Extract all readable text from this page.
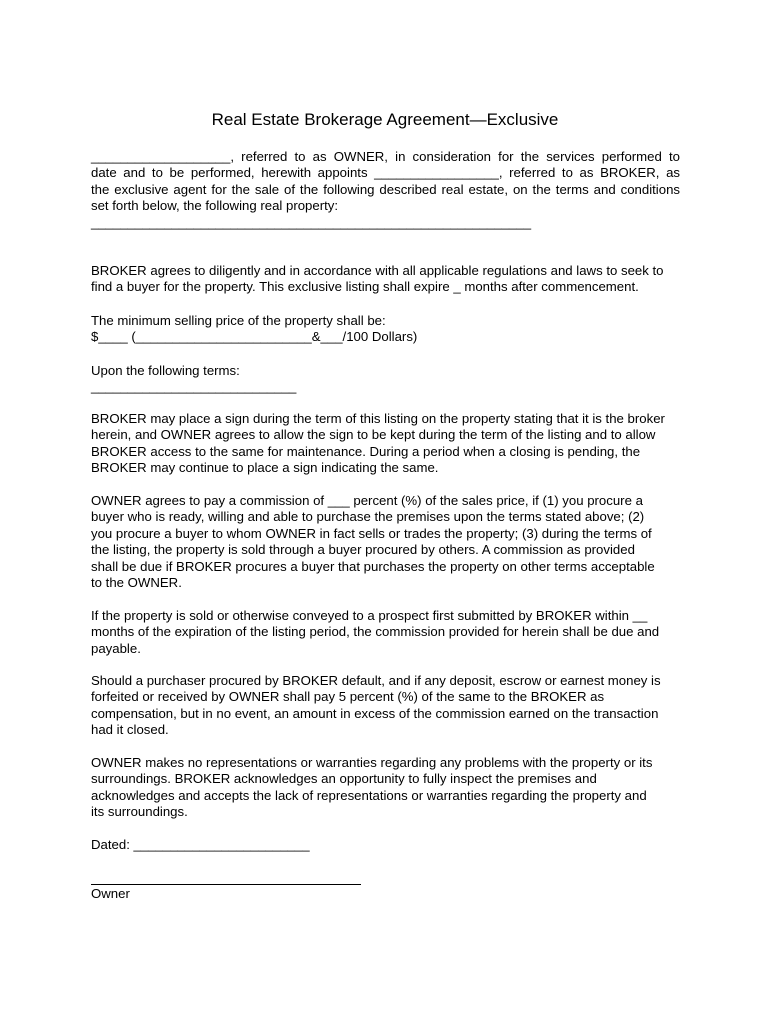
Real Estate Brokerage Agreement—Exclusive
___________________, referred to as OWNER, in consideration for the services performed to
date and to be performed, herewith appoints _________________, referred to as BROKER, as
the exclusive agent for the sale of the following described real estate, on the terms and conditions
set forth below, the following real property:
____________________________________________________________
BROKER agrees to diligently and in accordance with all applicable regulations and laws to seek to
find a buyer for the property. This exclusive listing shall expire _ months after commencement.
The minimum selling price of the property shall be:
$____ (________________________&___/100 Dollars)
Upon the following terms:
____________________________
BROKER may place a sign during the term of this listing on the property stating that it is the broker
herein, and OWNER agrees to allow the sign to be kept during the term of the listing and to allow
BROKER access to the same for maintenance. During a period when a closing is pending, the
BROKER may continue to place a sign indicating the same.
OWNER agrees to pay a commission of ___ percent (%) of the sales price, if (1) you procure a
buyer who is ready, willing and able to purchase the premises upon the terms stated above; (2)
you procure a buyer to whom OWNER in fact sells or trades the property; (3) during the terms of
the listing, the property is sold through a buyer procured by others. A commission as provided
shall be due if BROKER procures a buyer that purchases the property on other terms acceptable
to the OWNER.
If the property is sold or otherwise conveyed to a prospect first submitted by BROKER within __
months of the expiration of the listing period, the commission provided for herein shall be due and
payable.
Should a purchaser procured by BROKER default, and if any deposit, escrow or earnest money is
forfeited or received by OWNER shall pay 5 percent (%) of the same to the BROKER as
compensation, but in no event, an amount in excess of the commission earned on the transaction
had it closed.
OWNER makes no representations or warranties regarding any problems with the property or its
surroundings. BROKER acknowledges an opportunity to fully inspect the premises and
acknowledges and accepts the lack of representations or warranties regarding the property and
its surroundings.
Dated: ________________________
Owner
